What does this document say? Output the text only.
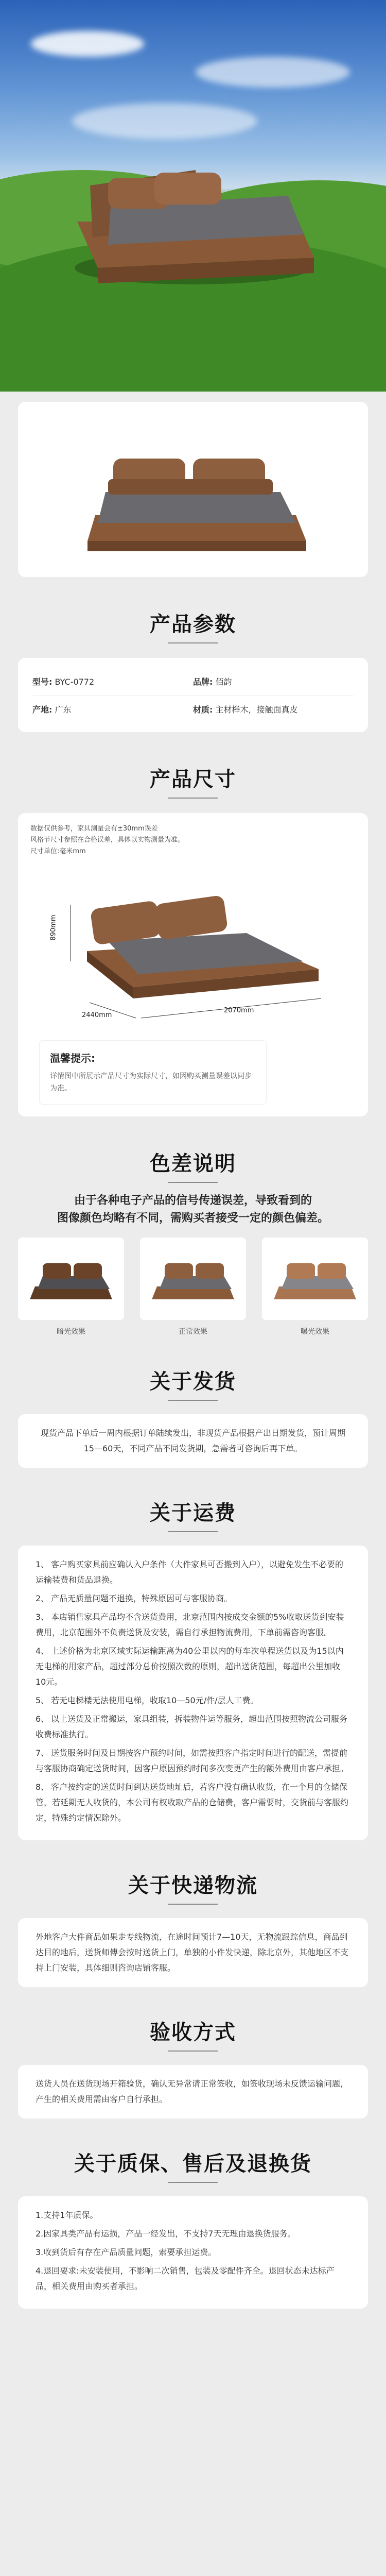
产品参数
型号: BYC-0772	品牌: 佰韵
产地: 广东	材质: 主材榉木，接触面真皮
产品尺寸
数据仅供参考，家具测量会有±30mm误差
风格节尺寸参照在合格误差，具体以实物测量为准。
尺寸单位:毫米mm
890mm
2440mm
2070mm
温馨提示:
详情图中所展示产品尺寸为实际尺寸，如因购买测量误差以同步为准。
色差说明
由于各种电子产品的信号传递误差，导致看到的
图像颜色均略有不同，需购买者接受一定的颜色偏差。
暗光效果	正常效果	曝光效果
关于发货
现货产品下单后一周内根据订单陆续发出，非现货产品根据产出日期发货，预计周期15—60天，不同产品不同发货期，急需者可咨询后再下单。
关于运费

1、 客户购买家具前应确认入户条件（大件家具可否搬到入户），以避免发生不必要的运输装费和货品退换。

2、 产品无质量问题不退换，特殊原因可与客服协商。

3、 本店销售家具产品均不含送货费用，北京范围内按成交金额的5%收取送货到安装费用，北京范围外不负责送货及安装，需自行承担物流费用，下单前需咨询客服。

4、 上述价格为北京区域实际运输距离为40公里以内的每车次单程送货以及为15以内无电梯的用家产品，超过部分总价按照次数的原则，超出送货范围，每超出公里加收10元。

5、 若无电梯楼无法使用电梯，收取10—50元/件/层人工费。

6、 以上送货及正常搬运，家具组装，拆装物件运等服务，超出范围按照物流公司服务收费标准执行。

7、 送货服务时间及日期按客户预约时间，如需按照客户指定时间进行的配送，需提前与客服协商确定送货时间，因客户原因预约时间多次变更产生的额外费用由客户承担。

8、 客户按约定的送货时间到达送货地址后，若客户没有确认收货，在一个月的仓储保管，若延期无人收货的，本公司有权收取产品的仓储费，客户需要时，交货前与客服约定，特殊约定情况除外。

关于快递物流
外地客户大件商品如果走专线物流，在途时间预计7—10天，无物流跟踪信息，商品到达目的地后，送货师傅会按时送货上门，单独的小件发快递，除北京外，其他地区不支持上门安装，具体细则咨询店铺客服。
验收方式
送货人员在送货现场开箱验货，确认无异常请正常签收，如签收现场未反馈运输问题，产生的相关费用需由客户自行承担。
关于质保、售后及退换货

1.支持1年质保。

2.因家具类产品有运损，产品一经发出，不支持7天无理由退换货服务。

3.收到货后有存在产品质量问题，索要承担运费。

4.退回要求:未安装使用，不影响二次销售，包装及零配件齐全。退回状态未达标产品，相关费用由购买者承担。
